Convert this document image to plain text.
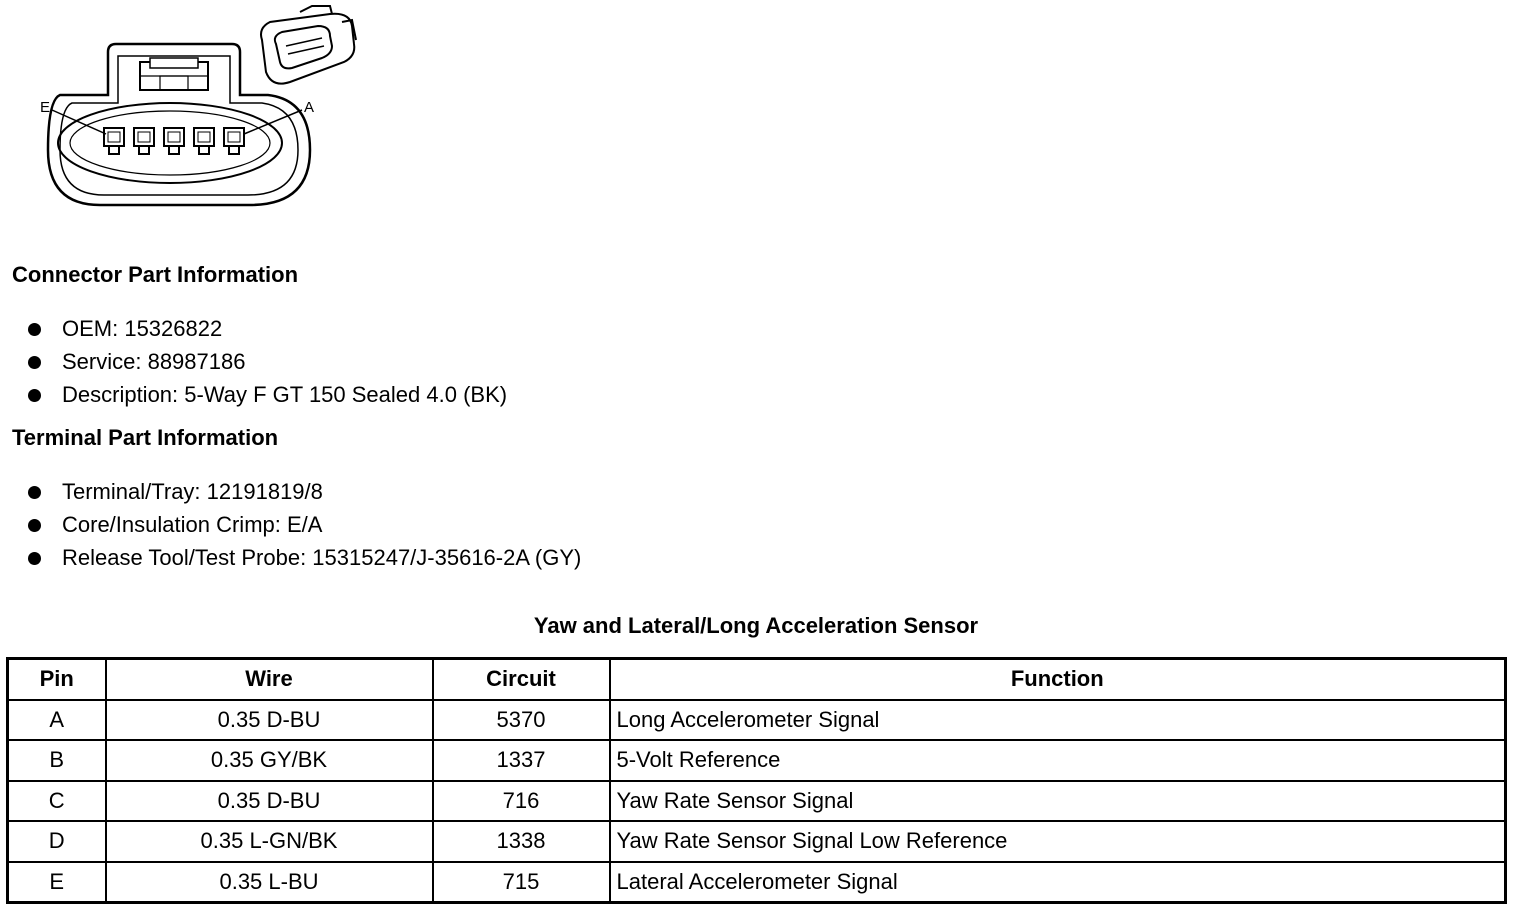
E	A
Connector Part Information
OEM: 15326822
Service: 88987186
Description: 5-Way F GT 150 Sealed 4.0 (BK)
Terminal Part Information
Terminal/Tray: 12191819/8
Core/Insulation Crimp: E/A
Release Tool/Test Probe: 15315247/J-35616-2A (GY)
Yaw and Lateral/Long Acceleration Sensor
Pin	Wire	Circuit	Function
A	0.35 D-BU	5370	Long Accelerometer Signal
B	0.35 GY/BK	1337	5-Volt Reference
C	0.35 D-BU	716	Yaw Rate Sensor Signal
D	0.35 L-GN/BK	1338	Yaw Rate Sensor Signal Low Reference
E	0.35 L-BU	715	Lateral Accelerometer Signal
